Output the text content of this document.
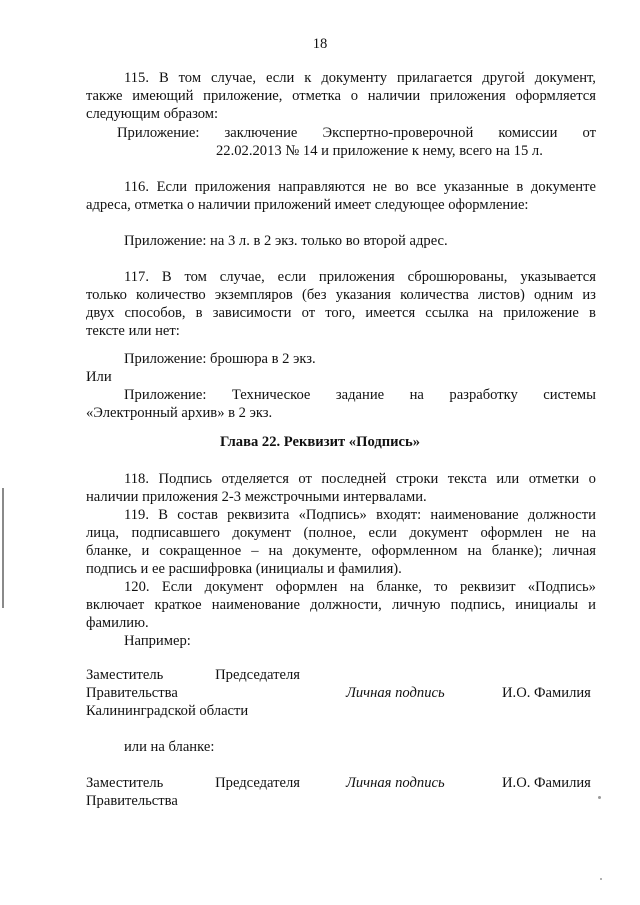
18
115. В том случае, если к документу прилагается другой документ,
также имеющий приложение, отметка о наличии приложения оформляется
следующим образом:
Приложение: заключение Экспертно-проверочной комиссии от
22.02.2013 № 14 и приложение к нему, всего на 15 л.
116. Если приложения направляются не во все указанные в документе
адреса, отметка о наличии приложений имеет следующее оформление:
Приложение: на 3 л. в 2 экз. только во второй адрес.
117. В том случае, если приложения сброшюрованы, указывается
только количество экземпляров (без указания количества листов) одним из
двух способов, в зависимости от того, имеется ссылка на приложение в
тексте или нет:
Приложение: брошюра в 2 экз.
Или
Приложение: Техническое задание на разработку системы
«Электронный архив» в 2 экз.
Глава 22. Реквизит «Подпись»
118. Подпись отделяется от последней строки текста или отметки о
наличии приложения 2-3 межстрочными интервалами.
119. В состав реквизита «Подпись» входят: наименование должности
лица, подписавшего документ (полное, если документ оформлен не на
бланке, и сокращенное – на документе, оформленном на бланке); личная
подпись и ее расшифровка (инициалы и фамилия).
120. Если документ оформлен на бланке, то реквизит «Подпись»
включает краткое наименование должности, личную подпись, инициалы и
фамилию.
Например:
Заместитель	Председателя
Правительства	Личная подпись	И.О. Фамилия
Калининградской области
или на бланке:
Заместитель	Председателя	Личная подпись	И.О. Фамилия
Правительства
